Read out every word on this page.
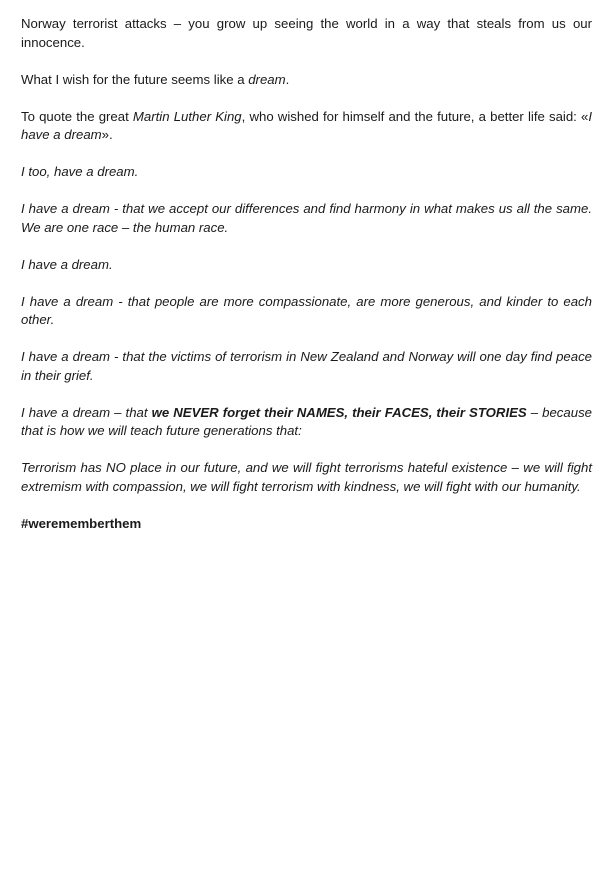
Norway terrorist attacks – you grow up seeing the world in a way that steals from us our innocence.

What I wish for the future seems like a dream.

To quote the great Martin Luther King, who wished for himself and the future, a better life said: «I have a dream».

I too, have a dream.

I have a dream - that we accept our differences and find harmony in what makes us all the same. We are one race – the human race.

I have a dream.

I have a dream - that people are more compassionate, are more generous, and kinder to each other.

I have a dream - that the victims of terrorism in New Zealand and Norway will one day find peace in their grief.

I have a dream – that we NEVER forget their NAMES, their FACES, their STORIES – because that is how we will teach future generations that:

Terrorism has NO place in our future, and we will fight terrorisms hateful existence – we will fight extremism with compassion, we will fight terrorism with kindness, we will fight with our humanity.

#werememberthem
